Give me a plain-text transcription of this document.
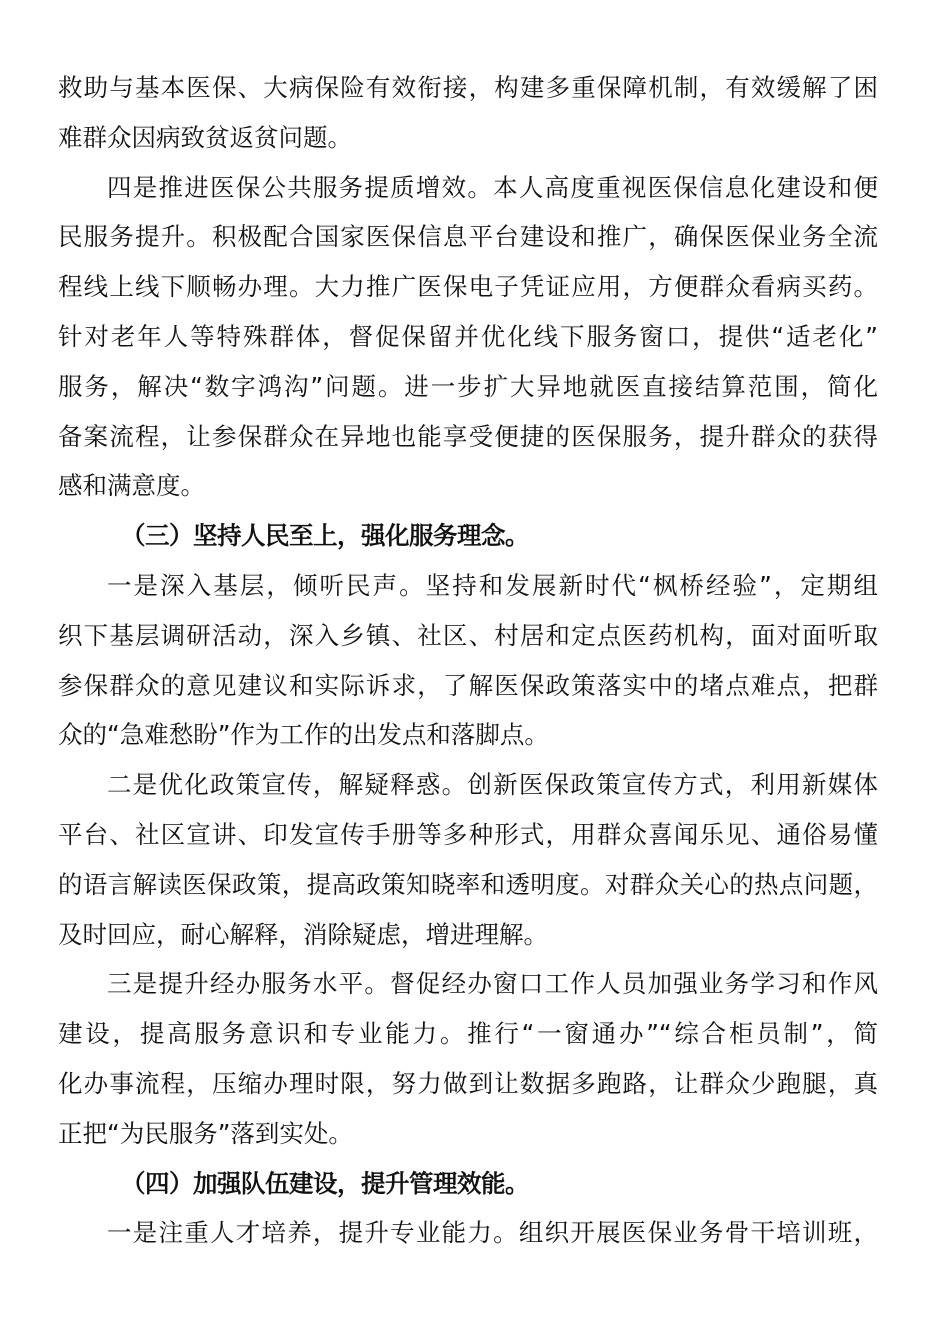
救助与基本医保、大病保险有效衔接，构建多重保障机制，有效缓解了困
难群众因病致贫返贫问题。

四是推进医保公共服务提质增效。本人高度重视医保信息化建设和便
民服务提升。积极配合国家医保信息平台建设和推广，确保医保业务全流
程线上线下顺畅办理。大力推广医保电子凭证应用，方便群众看病买药。
针对老年人等特殊群体，督促保留并优化线下服务窗口，提供“适老化”
服务，解决“数字鸿沟”问题。进一步扩大异地就医直接结算范围，简化
备案流程，让参保群众在异地也能享受便捷的医保服务，提升群众的获得
感和满意度。

（三）坚持人民至上，强化服务理念。

一是深入基层，倾听民声。坚持和发展新时代“枫桥经验”，定期组
织下基层调研活动，深入乡镇、社区、村居和定点医药机构，面对面听取
参保群众的意见建议和实际诉求，了解医保政策落实中的堵点难点，把群
众的“急难愁盼”作为工作的出发点和落脚点。

二是优化政策宣传，解疑释惑。创新医保政策宣传方式，利用新媒体
平台、社区宣讲、印发宣传手册等多种形式，用群众喜闻乐见、通俗易懂
的语言解读医保政策，提高政策知晓率和透明度。对群众关心的热点问题，
及时回应，耐心解释，消除疑虑，增进理解。

三是提升经办服务水平。督促经办窗口工作人员加强业务学习和作风
建设，提高服务意识和专业能力。推行“一窗通办”“综合柜员制”，简
化办事流程，压缩办理时限，努力做到让数据多跑路，让群众少跑腿，真
正把“为民服务”落到实处。

（四）加强队伍建设，提升管理效能。

一是注重人才培养，提升专业能力。组织开展医保业务骨干培训班，
